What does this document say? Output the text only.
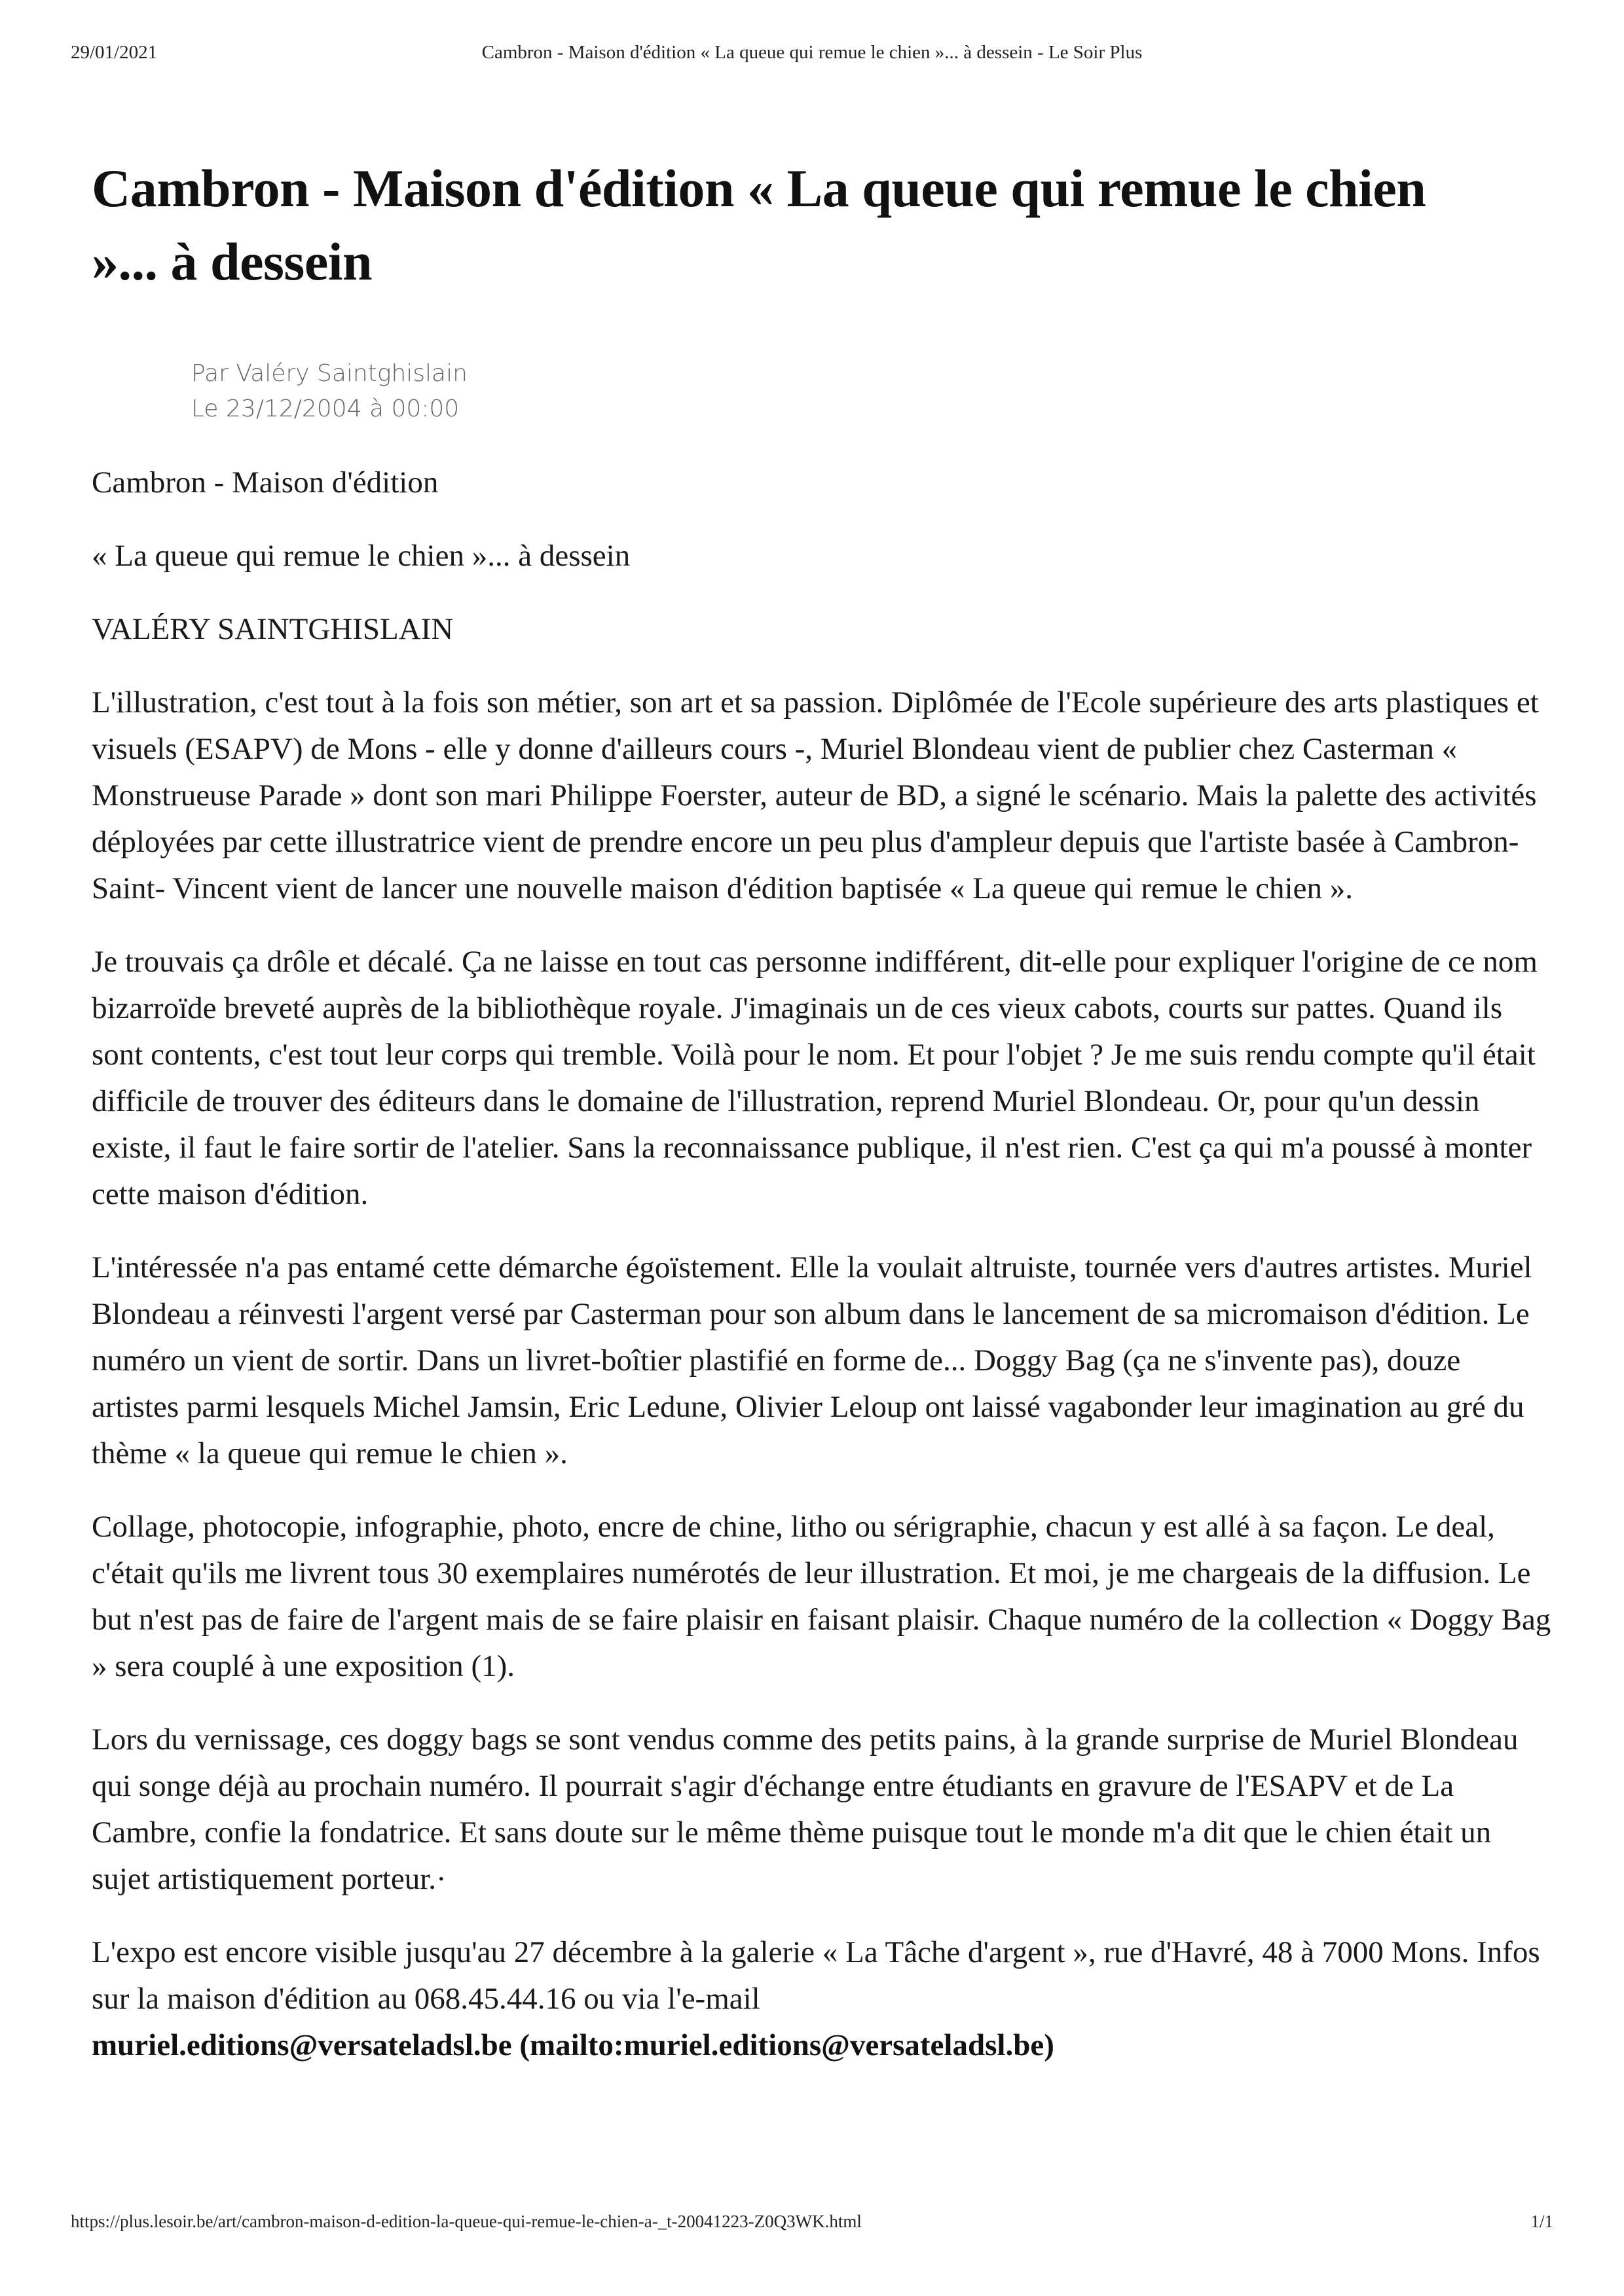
29/01/2021	Cambron - Maison d'édition « La queue qui remue le chien »... à dessein - Le Soir Plus
Cambron - Maison d'édition « La queue qui remue le chien
»... à dessein
Par Valéry Saintghislain
Le 23/12/2004 à 00:00

Cambron - Maison d'édition

« La queue qui remue le chien »... à dessein

VALÉRY SAINTGHISLAIN

L'illustration, c'est tout à la fois son métier, son art et sa passion. Diplômée de l'Ecole supérieure des arts plastiques et visuels (ESAPV) de Mons - elle y donne d'ailleurs cours -, Muriel Blondeau vient de publier chez Casterman « Monstrueuse Parade » dont son mari Philippe Foerster, auteur de BD, a signé le scénario. Mais la palette des activités déployées par cette illustratrice vient de prendre encore un peu plus d'ampleur depuis que l'artiste basée à Cambron-Saint- Vincent vient de lancer une nouvelle maison d'édition baptisée « La queue qui remue le chien ».

Je trouvais ça drôle et décalé. Ça ne laisse en tout cas personne indifférent, dit-elle pour expliquer l'origine de ce nom bizarroïde breveté auprès de la bibliothèque royale. J'imaginais un de ces vieux cabots, courts sur pattes. Quand ils sont contents, c'est tout leur corps qui tremble. Voilà pour le nom. Et pour l'objet ? Je me suis rendu compte qu'il était difficile de trouver des éditeurs dans le domaine de l'illustration, reprend Muriel Blondeau. Or, pour qu'un dessin existe, il faut le faire sortir de l'atelier. Sans la reconnaissance publique, il n'est rien. C'est ça qui m'a poussé à monter cette maison d'édition.

L'intéressée n'a pas entamé cette démarche égoïstement. Elle la voulait altruiste, tournée vers d'autres artistes. Muriel Blondeau a réinvesti l'argent versé par Casterman pour son album dans le lancement de sa micromaison d'édition. Le numéro un vient de sortir. Dans un livret-boîtier plastifié en forme de... Doggy Bag (ça ne s'invente pas), douze artistes parmi lesquels Michel Jamsin, Eric Ledune, Olivier Leloup ont laissé vagabonder leur imagination au gré du thème « la queue qui remue le chien ».

Collage, photocopie, infographie, photo, encre de chine, litho ou sérigraphie, chacun y est allé à sa façon. Le deal, c'était qu'ils me livrent tous 30 exemplaires numérotés de leur illustration. Et moi, je me chargeais de la diffusion. Le but n'est pas de faire de l'argent mais de se faire plaisir en faisant plaisir. Chaque numéro de la collection « Doggy Bag » sera couplé à une exposition (1).

Lors du vernissage, ces doggy bags se sont vendus comme des petits pains, à la grande surprise de Muriel Blondeau qui songe déjà au prochain numéro. Il pourrait s'agir d'échange entre étudiants en gravure de l'ESAPV et de La Cambre, confie la fondatrice. Et sans doute sur le même thème puisque tout le monde m'a dit que le chien était un sujet artistiquement porteur.·

L'expo est encore visible jusqu'au 27 décembre à la galerie « La Tâche d'argent », rue d'Havré, 48 à 7000 Mons. Infos sur la maison d'édition au 068.45.44.16 ou via l'e-mail
muriel.editions@versateladsl.be (mailto:muriel.editions@versateladsl.be)

https://plus.lesoir.be/art/cambron-maison-d-edition-la-queue-qui-remue-le-chien-a-_t-20041223-Z0Q3WK.html	1/1
